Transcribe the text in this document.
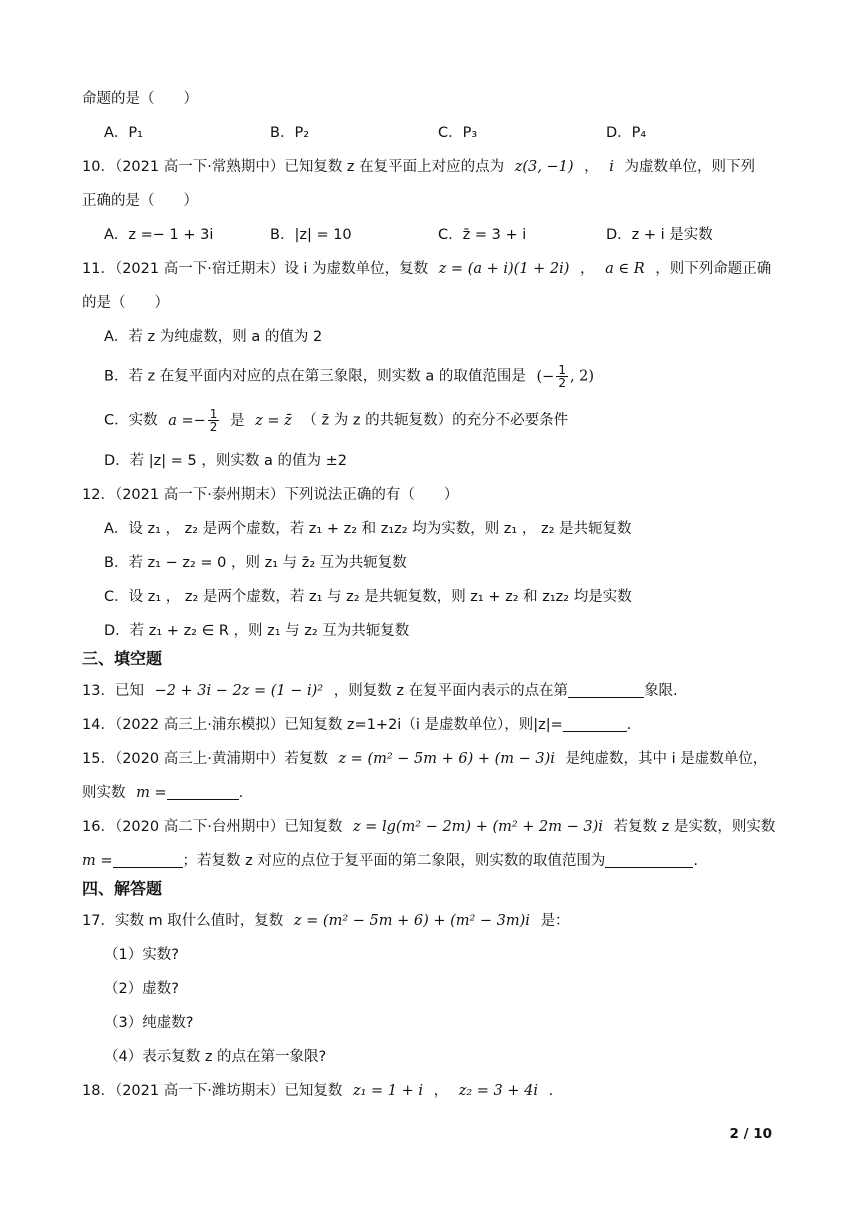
命题的是（　　）
A．P₁	B．P₂	C．P₃	D．P₄
10．（2021 高一下·常熟期中）已知复数 z 在复平面上对应的点为 z(3, −1) ， i 为虚数单位，则下列
正确的是（　　）
A．z =− 1 + 3i	B．|z| = 10	C．z̄ = 3 + i	D．z + i 是实数
11．（2021 高一下·宿迁期末）设 i 为虚数单位，复数 z = (a + i)(1 + 2i) ， a ∈ R ，则下列命题正确
的是（　　）
A．若 z 为纯虚数，则 a 的值为 2
B．若 z 在复平面内对应的点在第三象限，则实数 a 的取值范围是 (− $\frac{1}{2}$ , 2)
C．实数 $a =- \frac{1}{2}$ 是 z = z̄ （ z̄ 为 z 的共轭复数）的充分不必要条件
D．若 |z| = 5 ，则实数 a 的值为 ±2
12．（2021 高一下·泰州期末）下列说法正确的有（　　）
A．设 z₁ ， z₂ 是两个虚数，若 z₁ + z₂ 和 z₁z₂ 均为实数，则 z₁ ， z₂ 是共轭复数
B．若 z₁ − z₂ = 0 ，则 z₁ 与 z̄₂ 互为共轭复数
C．设 z₁ ， z₂ 是两个虚数，若 z₁ 与 z₂ 是共轭复数，则 z₁ + z₂ 和 z₁z₂ 均是实数
D．若 z₁ + z₂ ∈ R ，则 z₁ 与 z₂ 互为共轭复数
三、填空题
13．已知 −2 + 3i − 2z = (1 − i)² ，则复数 z 在复平面内表示的点在第	象限.
14．（2022 高三上·浦东模拟）已知复数 z=1+2i（i 是虚数单位），则|z|=	.
15．（2020 高三上·黄浦期中）若复数 z = (m² − 5m + 6) + (m − 3)i 是纯虚数，其中 i 是虚数单位，
则实数 m =	.
16．（2020 高二下·台州期中）已知复数 z = lg(m² − 2m) + (m² + 2m − 3)i 若复数 z 是实数，则实数
m =	；若复数 z 对应的点位于复平面的第二象限，则实数的取值范围为	.
四、解答题
17．实数 m 取什么值时，复数 z = (m² − 5m + 6) + (m² − 3m)i 是：
（1）实数?
（2）虚数?
（3）纯虚数?
（4）表示复数 z 的点在第一象限?
18．（2021 高一下·潍坊期末）已知复数 z₁ = 1 + i ， z₂ = 3 + 4i .
2 / 10
